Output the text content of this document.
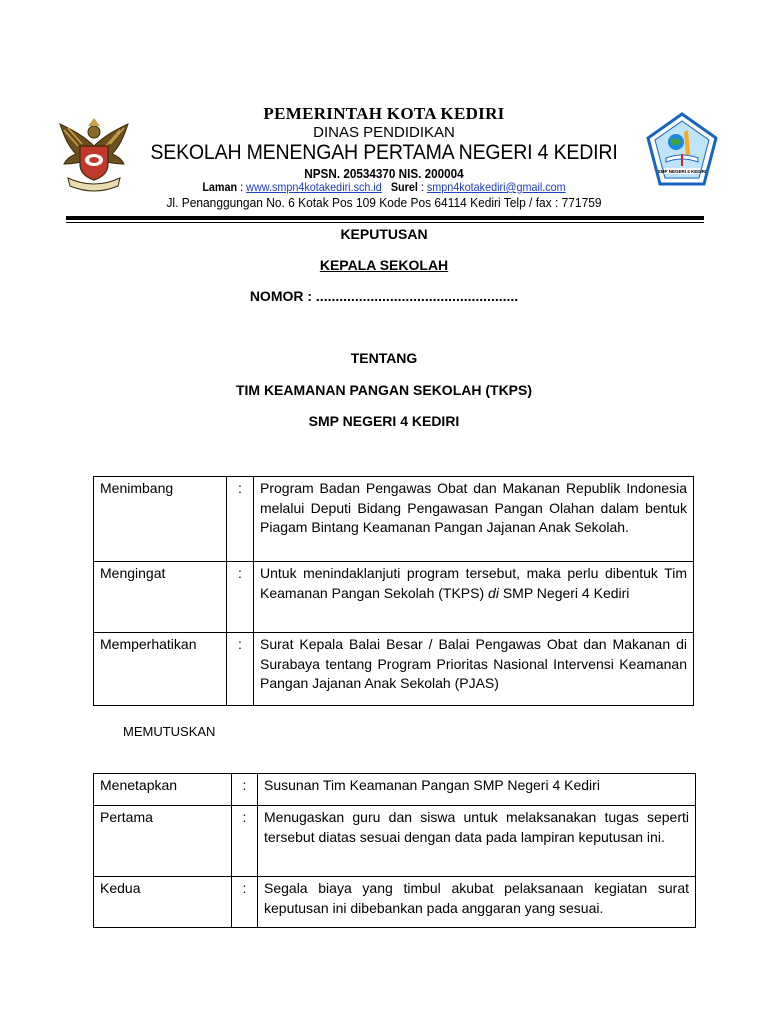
SMP NEGERI 4 KEDIRI
PEMERINTAH KOTA KEDIRI
DINAS PENDIDIKAN
SEKOLAH MENENGAH PERTAMA NEGERI 4 KEDIRI
NPSN. 20534370 NIS. 200004
Laman : www.smpn4kotakediri.sch.id Surel : smpn4kotakediri@gmail.com
Jl. Penanggungan No. 6 Kotak Pos 109 Kode Pos 64114 Kediri Telp / fax : 771759
KEPUTUSAN
KEPALA SEKOLAH
NOMOR : ....................................................
TENTANG
TIM KEAMANAN PANGAN SEKOLAH (TKPS)
SMP NEGERI 4 KEDIRI
Menimbang	:	Program Badan Pengawas Obat dan Makanan Republik Indonesia melalui Deputi Bidang Pengawasan Pangan Olahan dalam bentuk Piagam Bintang Keamanan Pangan Jajanan Anak Sekolah.
Mengingat	:	Untuk menindaklanjuti program tersebut, maka perlu dibentuk Tim Keamanan Pangan Sekolah (TKPS) di SMP Negeri 4 Kediri
Memperhatikan	:	Surat Kepala Balai Besar / Balai Pengawas Obat dan Makanan di Surabaya tentang Program Prioritas Nasional Intervensi Keamanan Pangan Jajanan Anak Sekolah (PJAS)
MEMUTUSKAN
Menetapkan	:	Susunan Tim Keamanan Pangan SMP Negeri 4 Kediri
Pertama	:	Menugaskan guru dan siswa untuk melaksanakan tugas seperti tersebut diatas sesuai dengan data pada lampiran keputusan ini.
Kedua	:	Segala biaya yang timbul akubat pelaksanaan kegiatan surat keputusan ini dibebankan pada anggaran yang sesuai.
